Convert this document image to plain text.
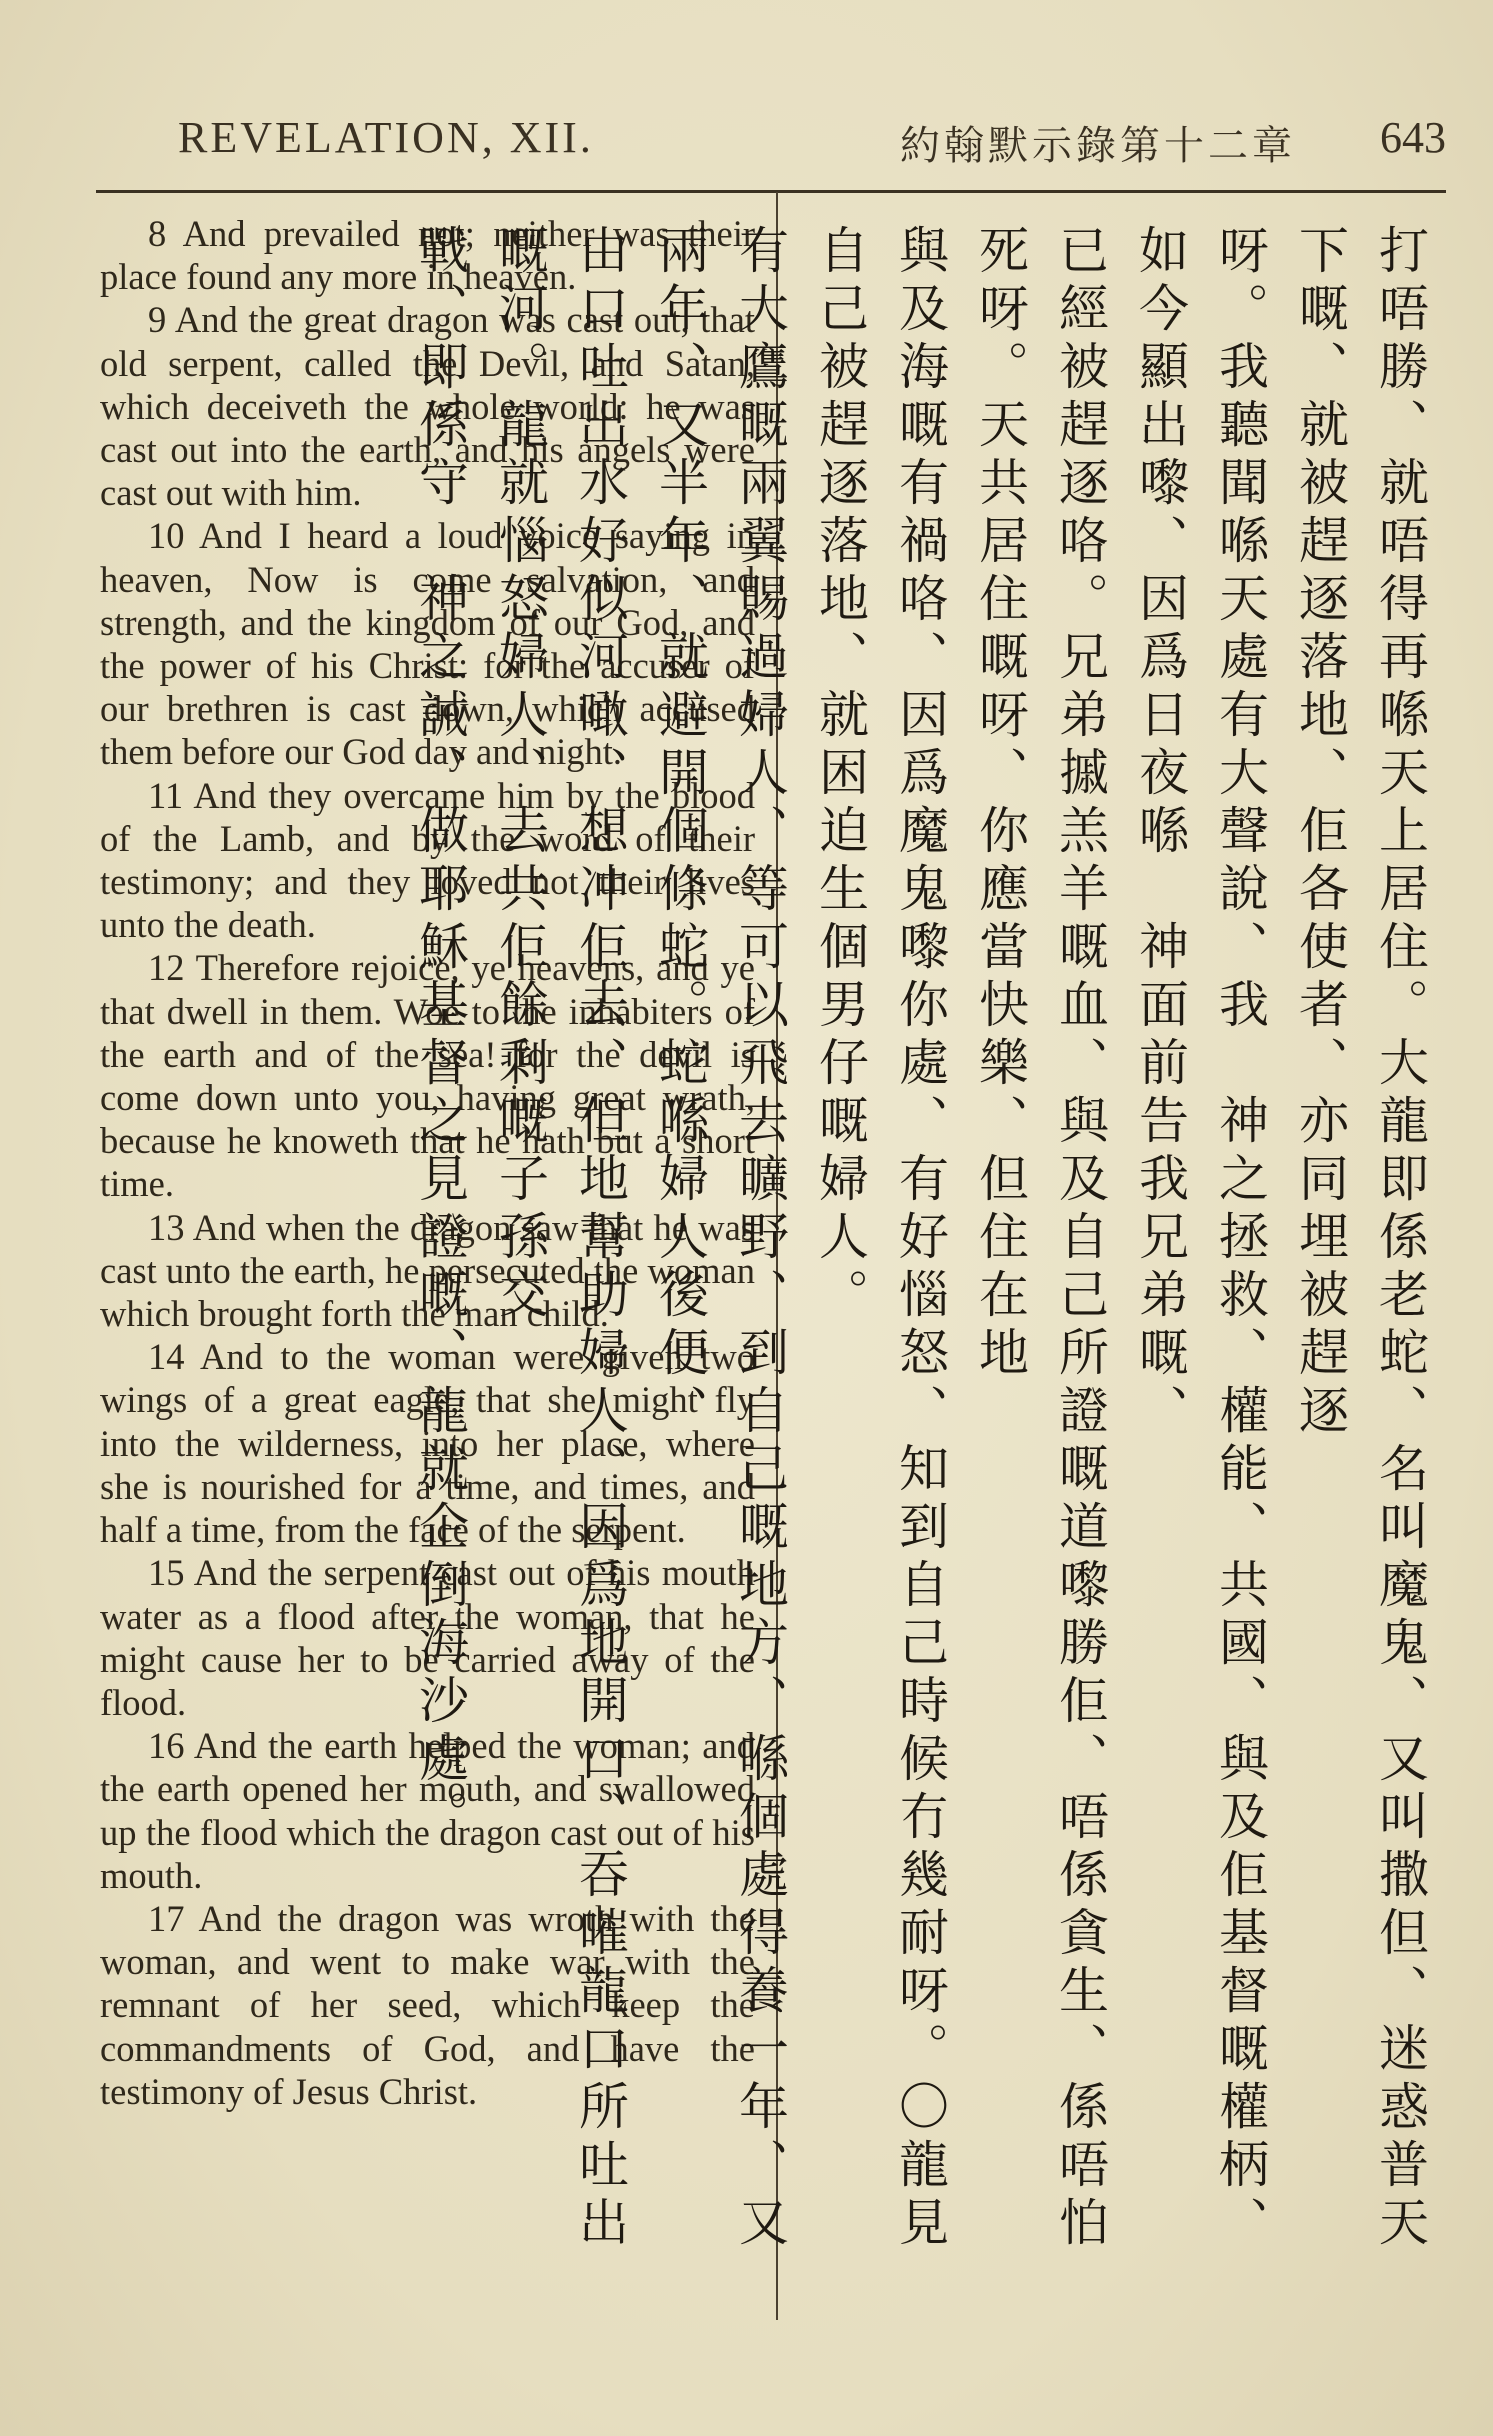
REVELATION, XII.	約翰默示錄第十二章 643

8 And prevailed not; neither was their place found any more in heaven.

9 And the great dragon was cast out, that old serpent, called the Devil, and Satan, which deceiveth the whole world: he was cast out into the earth, and his angels were cast out with him.

10 And I heard a loud voice saying in heaven, Now is come salvation, and strength, and the kingdom of our God, and the power of his Christ: for the accuser of our brethren is cast down, which accused them before our God day and night.

11 And they overcame him by the blood of the Lamb, and by the word of their testimony; and they loved not their lives unto the death.

12 Therefore rejoice, ye heavens, and ye that dwell in them. Woe to the inhabiters of the earth and of the sea! for the devil is come down unto you, having great wrath, because he knoweth that he hath but a short time.

13 And when the dragon saw that he was cast unto the earth, he persecuted the woman which brought forth the man child.

14 And to the woman were given two wings of a great eagle, that she might fly into the wilderness, into her place, where she is nourished for a time, and times, and half a time, from the face of the serpent.

15 And the serpent cast out of his mouth water as a flood after the woman, that he might cause her to be carried away of the flood.

16 And the earth helped the woman; and the earth opened her mouth, and swallowed up the flood which the dragon cast out of his mouth.

17 And the dragon was wroth with the woman, and went to make war with the remnant of her seed, which keep the commandments of God, and have the testimony of Jesus Christ.	打唔勝、就唔得再喺天上居住。大龍即係老蛇、名叫魔鬼、又叫撒但、迷惑普天下嘅、就被趕逐落地、佢各使者、亦同埋被趕逐

呀。我聽聞喺天處有大聲說、我　神之拯救、權能、共國、與及佢基督嘅權柄、如今顯出嚟、因爲日夜喺　神面前告我兄弟嘅、

已經被趕逐咯。兄弟摵羔羊嘅血、與及自己所證嘅道嚟勝佢、唔係貪生、係唔怕死呀。天共居住嘅呀、你應當快樂、但住在地

與及海嘅有禍咯、因爲魔鬼嚟你處、有好惱怒、知到自己時候冇幾耐呀。〇龍見自己被趕逐落地、就困迫生個男仔嘅婦人。

有大鷹嘅兩翼賜過婦人、等可以飛去曠野、到自己嘅地方、喺個處得養一年、又兩年、又半年、就避開個條蛇。蛇喺婦人後便、

由口吐出水好似河噉、想冲佢去、但地幫助婦人、因爲地開口、吞嗺龍口所吐出嘅河。龍就惱怒婦人、去共佢餘剩嘅子孫交

戰、即係守　神之誡、做耶穌基督之見證嘅、龍就企倒海沙處。
